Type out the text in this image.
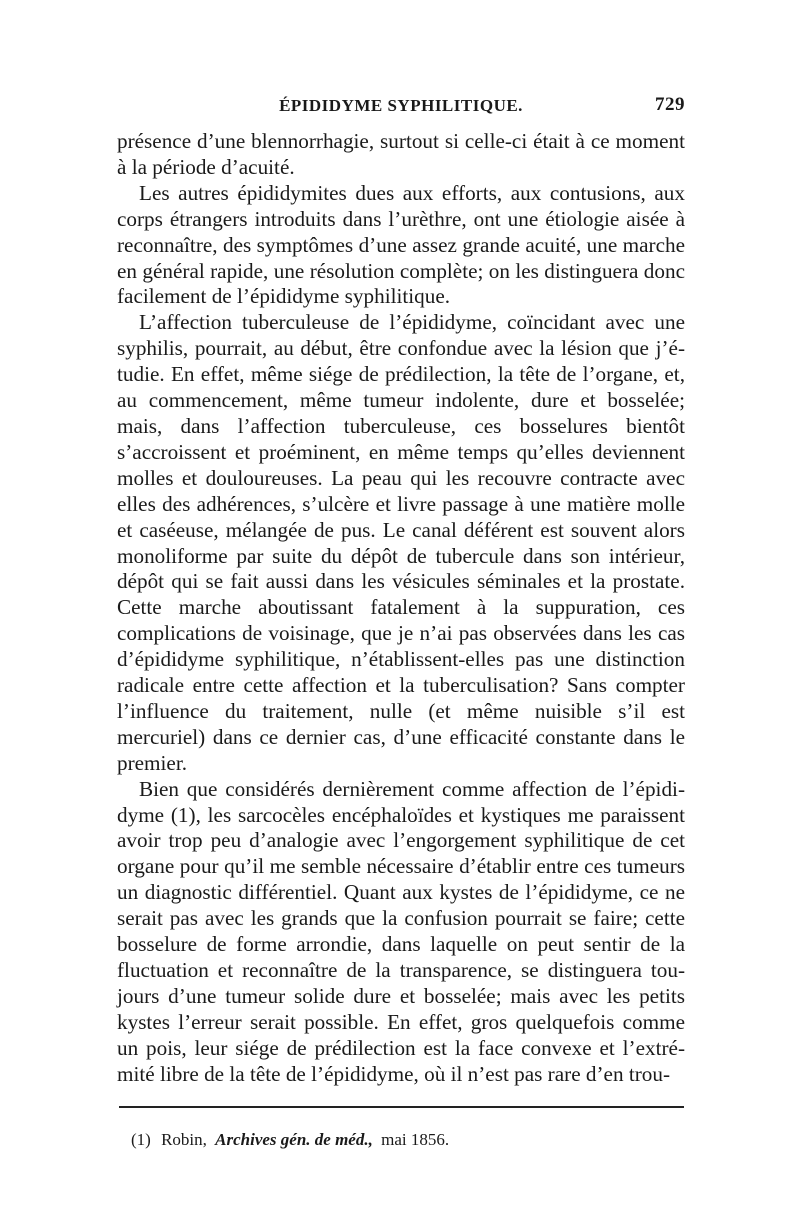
ÉPIDIDYME SYPHILITIQUE.	729

présence d’une blennorrhagie, surtout si celle-ci était à ce moment à la période d’acuité.

Les autres épididymites dues aux efforts, aux contusions, aux corps étrangers introduits dans l’urèthre, ont une étiologie aisée à reconnaître, des symptômes d’une assez grande acuité, une marche en général rapide, une résolution complète; on les distinguera donc facilement de l’épididyme syphilitique.

L’affection tuberculeuse de l’épididyme, coïncidant avec une syphilis, pourrait, au début, être confondue avec la lésion que j’étudie. En effet, même siége de prédilection, la tête de l’organe, et, au commencement, même tumeur indolente, dure et bosselée; mais, dans l’affection tuberculeuse, ces bosselures bientôt s’accroissent et proéminent, en même temps qu’elles deviennent molles et douloureuses. La peau qui les recouvre contracte avec elles des adhérences, s’ulcère et livre passage à une matière molle et caséeuse, mélangée de pus. Le canal déférent est souvent alors monoliforme par suite du dépôt de tubercule dans son intérieur, dépôt qui se fait aussi dans les vésicules séminales et la prostate. Cette marche aboutissant fatalement à la suppuration, ces complications de voisinage, que je n’ai pas observées dans les cas d’épididyme syphilitique, n’établissent-elles pas une distinction radicale entre cette affection et la tuberculisation? Sans compter l’influence du traitement, nulle (et même nuisible s’il est mercuriel) dans ce dernier cas, d’une efficacité constante dans le premier.

Bien que considérés dernièrement comme affection de l’épididyme (1), les sarcocèles encéphaloïdes et kystiques me paraissent avoir trop peu d’analogie avec l’engorgement syphilitique de cet organe pour qu’il me semble nécessaire d’établir entre ces tumeurs un diagnostic différentiel. Quant aux kystes de l’épididyme, ce ne serait pas avec les grands que la confusion pourrait se faire; cette bosselure de forme arrondie, dans laquelle on peut sentir de la fluctuation et reconnaître de la transparence, se distinguera toujours d’une tumeur solide dure et bosselée; mais avec les petits kystes l’erreur serait possible. En effet, gros quelquefois comme un pois, leur siége de prédilection est la face convexe et l’extrémité libre de la tête de l’épididyme, où il n’est pas rare d’en trou-

(1) Robin, Archives gén. de méd., mai 1856.
